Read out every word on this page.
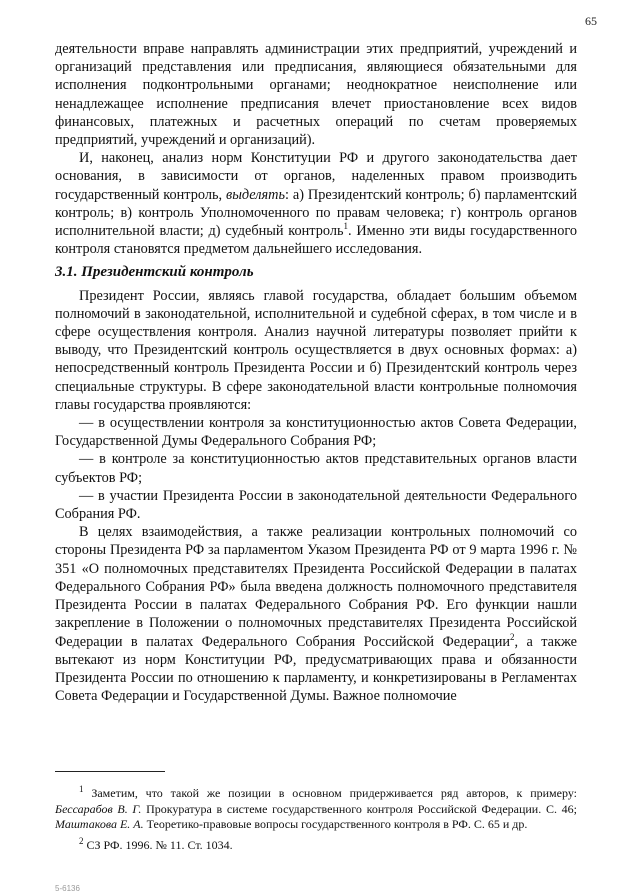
65

деятельности вправе направлять администрации этих предприятий, учреждений и организаций представления или предписания, являющиеся обязательными для исполнения подконтрольными органами; неоднократное неисполнение или ненадлежащее исполнение предписания влечет приостановление всех видов финансовых, платежных и расчетных операций по счетам проверяемых предприятий, учреждений и организаций).

И, наконец, анализ норм Конституции РФ и другого законодательства дает основания, в зависимости от органов, наделенных правом производить государственный контроль, выделять: а) Президентский контроль; б) парламентский контроль; в) контроль Уполномоченного по правам человека; г) контроль органов исполнительной власти; д) судебный контроль$^1$. Именно эти виды государственного контроля становятся предметом дальнейшего исследования.

3.1. Президентский контроль

Президент России, являясь главой государства, обладает большим объемом полномочий в законодательной, исполнительной и судебной сферах, в том числе и в сфере осуществления контроля. Анализ научной литературы позволяет прийти к выводу, что Президентский контроль осуществляется в двух основных формах: а) непосредственный контроль Президента России и б) Президентский контроль через специальные структуры. В сфере законодательной власти контрольные полномочия главы государства проявляются:

— в осуществлении контроля за конституционностью актов Совета Федерации, Государственной Думы Федерального Собрания РФ;

— в контроле за конституционностью актов представительных органов власти субъектов РФ;

— в участии Президента России в законодательной деятельности Федерального Собрания РФ.

В целях взаимодействия, а также реализации контрольных полномочий со стороны Президента РФ за парламентом Указом Президента РФ от 9 марта 1996 г. № 351 «О полномочных представителях Президента Российской Федерации в палатах Федерального Собрания РФ» была введена должность полномочного представителя Президента России в палатах Федерального Собрания РФ. Его функции нашли закрепление в Положении о полномочных представителях Президента Российской Федерации в палатах Федерального Собрания Российской Федерации$^2$, а также вытекают из норм Конституции РФ, предусматривающих права и обязанности Президента России по отношению к парламенту, и конкретизированы в Регламентах Совета Федерации и Государственной Думы. Важное полномочие

$^1$ Заметим, что такой же позиции в основном придерживается ряд авторов, к примеру: Бессарабов В. Г. Прокуратура в системе государственного контроля Российской Федерации. С. 46; Маштакова Е. А. Теоретико-правовые вопросы государственного контроля в РФ. С. 65 и др.

$^2$ СЗ РФ. 1996. № 11. Ст. 1034.

5-6136
